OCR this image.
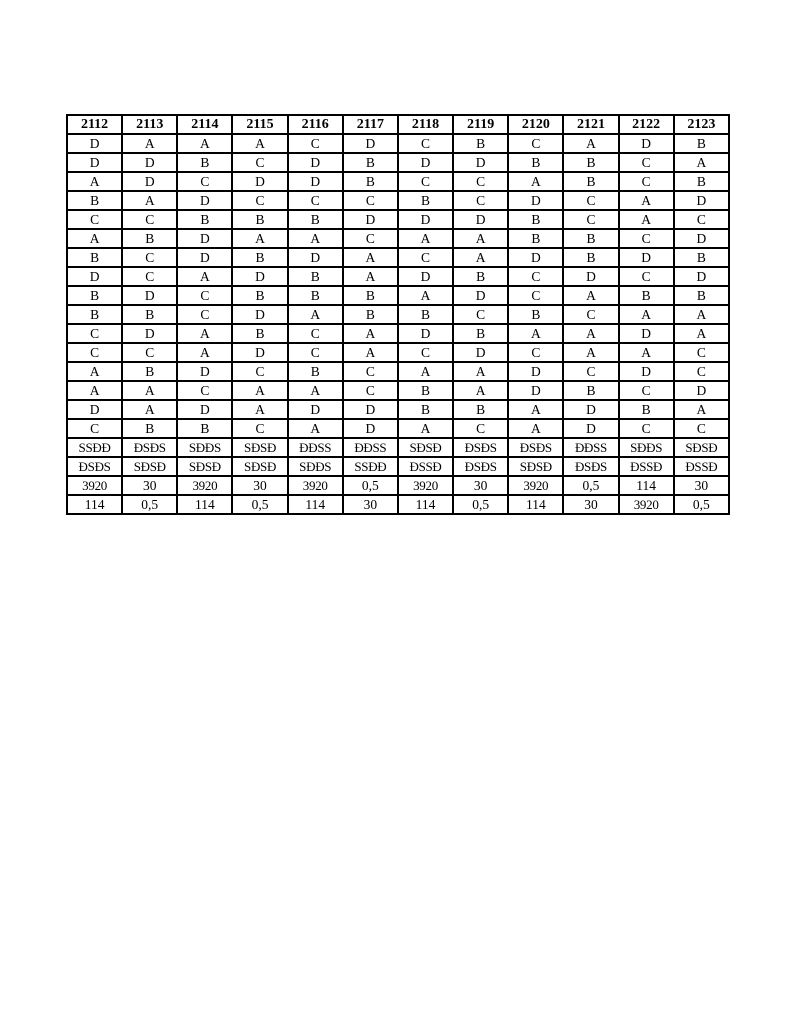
2112	2113	2114	2115	2116	2117	2118	2119	2120	2121	2122	2123
D	A	A	A	C	D	C	B	C	A	D	B
D	D	B	C	D	B	D	D	B	B	C	A
A	D	C	D	D	B	C	C	A	B	C	B
B	A	D	C	C	C	B	C	D	C	A	D
C	C	B	B	B	D	D	D	B	C	A	C
A	B	D	A	A	C	A	A	B	B	C	D
B	C	D	B	D	A	C	A	D	B	D	B
D	C	A	D	B	A	D	B	C	D	C	D
B	D	C	B	B	B	A	D	C	A	B	B
B	B	C	D	A	B	B	C	B	C	A	A
C	D	A	B	C	A	D	B	A	A	D	A
C	C	A	D	C	A	C	D	C	A	A	C
A	B	D	C	B	C	A	A	D	C	D	C
A	A	C	A	A	C	B	A	D	B	C	D
D	A	D	A	D	D	B	B	A	D	B	A
C	B	B	C	A	D	A	C	A	D	C	C
SSĐĐ	ĐSĐS	SĐĐS	SĐSĐ	ĐĐSS	ĐĐSS	SĐSĐ	ĐSĐS	ĐSĐS	ĐĐSS	SĐĐS	SĐSĐ
ĐSĐS	SĐSĐ	SĐSĐ	SĐSĐ	SĐĐS	SSĐĐ	ĐSSĐ	ĐSĐS	SĐSĐ	ĐSĐS	ĐSSĐ	ĐSSĐ
3920	30	3920	30	3920	0,5	3920	30	3920	0,5	114	30
114	0,5	114	0,5	114	30	114	0,5	114	30	3920	0,5
